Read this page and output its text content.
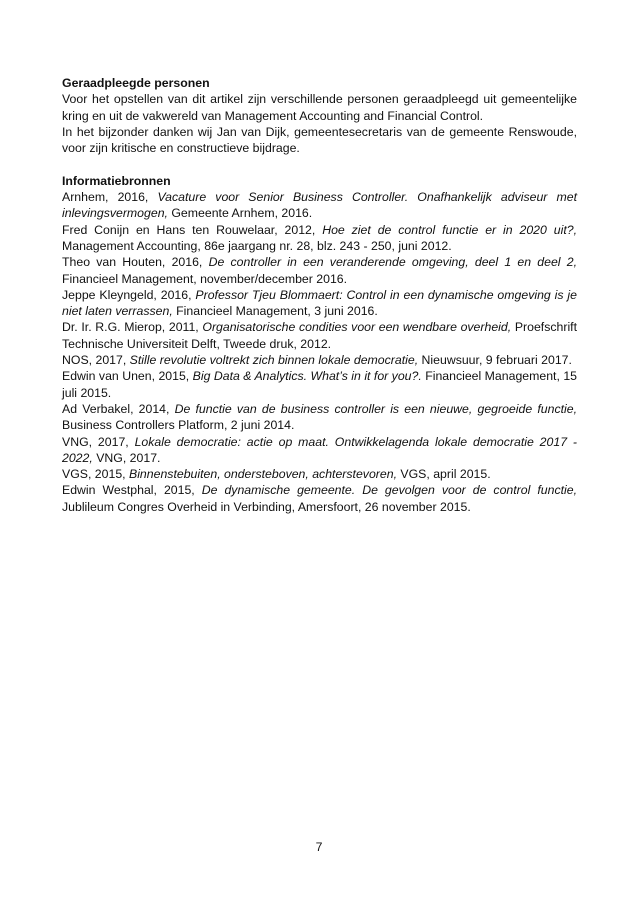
Geraadpleegde personen

Voor het opstellen van dit artikel zijn verschillende personen geraadpleegd uit gemeentelijke kring en uit de vakwereld van Management Accounting and Financial Control.

In het bijzonder danken wij Jan van Dijk, gemeentesecretaris van de gemeente Renswoude, voor zijn kritische en constructieve bijdrage.

Informatiebronnen

Arnhem, 2016, Vacature voor Senior Business Controller. Onafhankelijk adviseur met inlevingsvermogen, Gemeente Arnhem, 2016.

Fred Conijn en Hans ten Rouwelaar, 2012, Hoe ziet de control functie er in 2020 uit?, Management Accounting, 86e jaargang nr. 28, blz. 243 - 250, juni 2012.

Theo van Houten, 2016, De controller in een veranderende omgeving, deel 1 en deel 2, Financieel Management, november/december 2016.

Jeppe Kleyngeld, 2016, Professor Tjeu Blommaert: Control in een dynamische omgeving is je niet laten verrassen, Financieel Management, 3 juni 2016.

Dr. Ir. R.G. Mierop, 2011, Organisatorische condities voor een wendbare overheid, Proefschrift Technische Universiteit Delft, Tweede druk, 2012.

NOS, 2017, Stille revolutie voltrekt zich binnen lokale democratie, Nieuwsuur, 9 februari 2017.

Edwin van Unen, 2015, Big Data & Analytics. What’s in it for you?. Financieel Management, 15 juli 2015.

Ad Verbakel, 2014, De functie van de business controller is een nieuwe, gegroeide functie, Business Controllers Platform, 2 juni 2014.

VNG, 2017, Lokale democratie: actie op maat. Ontwikkelagenda lokale democratie 2017 - 2022, VNG, 2017.

VGS, 2015, Binnenstebuiten, ondersteboven, achterstevoren, VGS, april 2015.

Edwin Westphal, 2015, De dynamische gemeente. De gevolgen voor de control functie, Jublileum Congres Overheid in Verbinding, Amersfoort, 26 november 2015.

7
